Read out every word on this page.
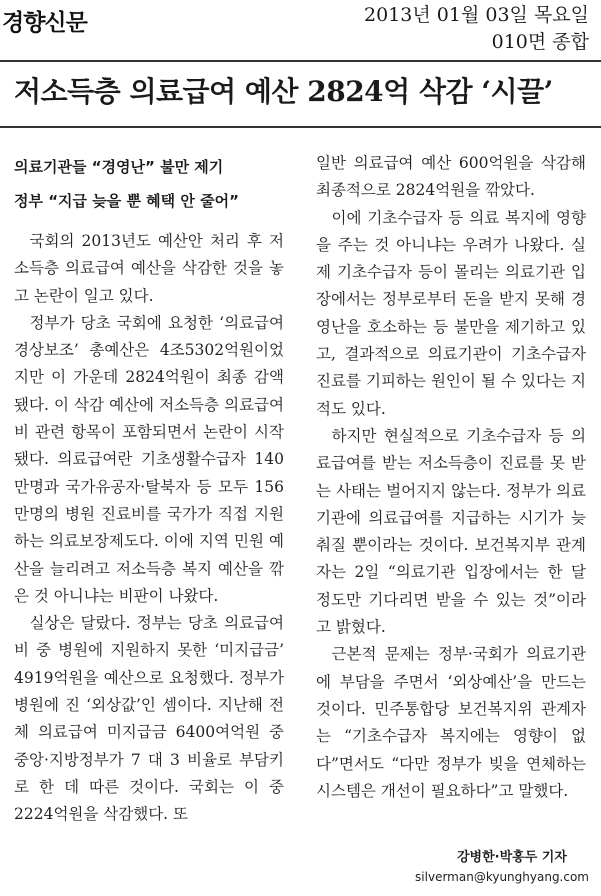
경향신문	2013년 01월 03일 목요일
010면 종합
저소득층 의료급여 예산 2824억 삭감 ‘시끌’
의료기관들 “경영난” 불만 제기
정부 “지급 늦을 뿐 혜택 안 줄어”

국회의 2013년도 예산안 처리 후 저소득층 의료급여 예산을 삭감한 것을 놓고 논란이 일고 있다.

정부가 당초 국회에 요청한 ‘의료급여 경상보조’ 총예산은 4조5302억원이었지만 이 가운데 2824억원이 최종 감액됐다. 이 삭감 예산에 저소득층 의료급여비 관련 항목이 포함되면서 논란이 시작됐다. 의료급여란 기초생활수급자 140만명과 국가유공자·탈북자 등 모두 156만명의 병원 진료비를 국가가 직접 지원하는 의료보장제도다. 이에 지역 민원 예산을 늘리려고 저소득층 복지 예산을 깎은 것 아니냐는 비판이 나왔다.

실상은 달랐다. 정부는 당초 의료급여비 중 병원에 지원하지 못한 ‘미지급금’ 4919억원을 예산으로 요청했다. 정부가 병원에 진 ‘외상값’인 셈이다. 지난해 전체 의료급여 미지급금 6400여억원 중 중앙·지방정부가 7 대 3 비율로 부담키로 한 데 따른 것이다. 국회는 이 중 2224억원을 삭감했다. 또

일반 의료급여 예산 600억원을 삭감해 최종적으로 2824억원을 깎았다.

이에 기초수급자 등 의료 복지에 영향을 주는 것 아니냐는 우려가 나왔다. 실제 기초수급자 등이 몰리는 의료기관 입장에서는 정부로부터 돈을 받지 못해 경영난을 호소하는 등 불만을 제기하고 있고, 결과적으로 의료기관이 기초수급자 진료를 기피하는 원인이 될 수 있다는 지적도 있다.

하지만 현실적으로 기초수급자 등 의료급여를 받는 저소득층이 진료를 못 받는 사태는 벌어지지 않는다. 정부가 의료기관에 의료급여를 지급하는 시기가 늦춰질 뿐이라는 것이다. 보건복지부 관계자는 2일 “의료기관 입장에서는 한 달 정도만 기다리면 받을 수 있는 것”이라고 밝혔다.

근본적 문제는 정부·국회가 의료기관에 부담을 주면서 ‘외상예산’을 만드는 것이다. 민주통합당 보건복지위 관계자는 “기초수급자 복지에는 영향이 없다”면서도 “다만 정부가 빚을 연체하는 시스템은 개선이 필요하다”고 말했다.

강병한·박홍두 기자
silverman@kyunghyang.com
